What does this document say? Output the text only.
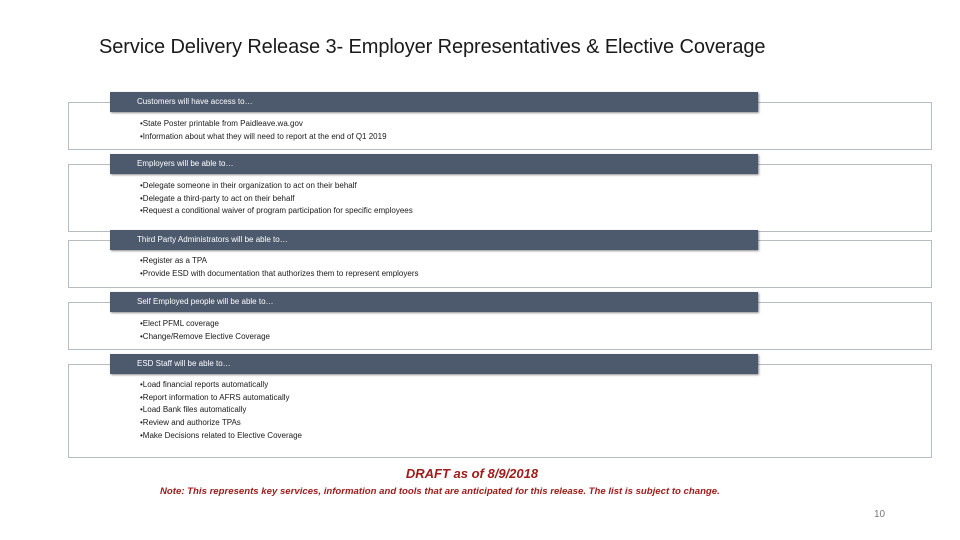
Service Delivery Release 3- Employer Representatives & Elective Coverage
Customers will have access to…
•State Poster printable from Paidleave.wa.gov
•Information about what they will need to report at the end of Q1 2019
Employers will be able to…
•Delegate someone in their organization to act on their behalf
•Delegate a third-party to act on their behalf
•Request a conditional waiver of program participation for specific employees
Third Party Administrators will be able to…
•Register as a TPA
•Provide ESD with documentation that authorizes them to represent employers
Self Employed people will be able to…
•Elect PFML coverage
•Change/Remove Elective Coverage
ESD Staff will be able to…
•Load financial reports automatically
•Report information to AFRS automatically
•Load Bank files automatically
•Review and authorize TPAs
•Make Decisions related to Elective Coverage
DRAFT as of 8/9/2018
Note: This represents key services, information and tools that are anticipated for this release. The list is subject to change.
10
